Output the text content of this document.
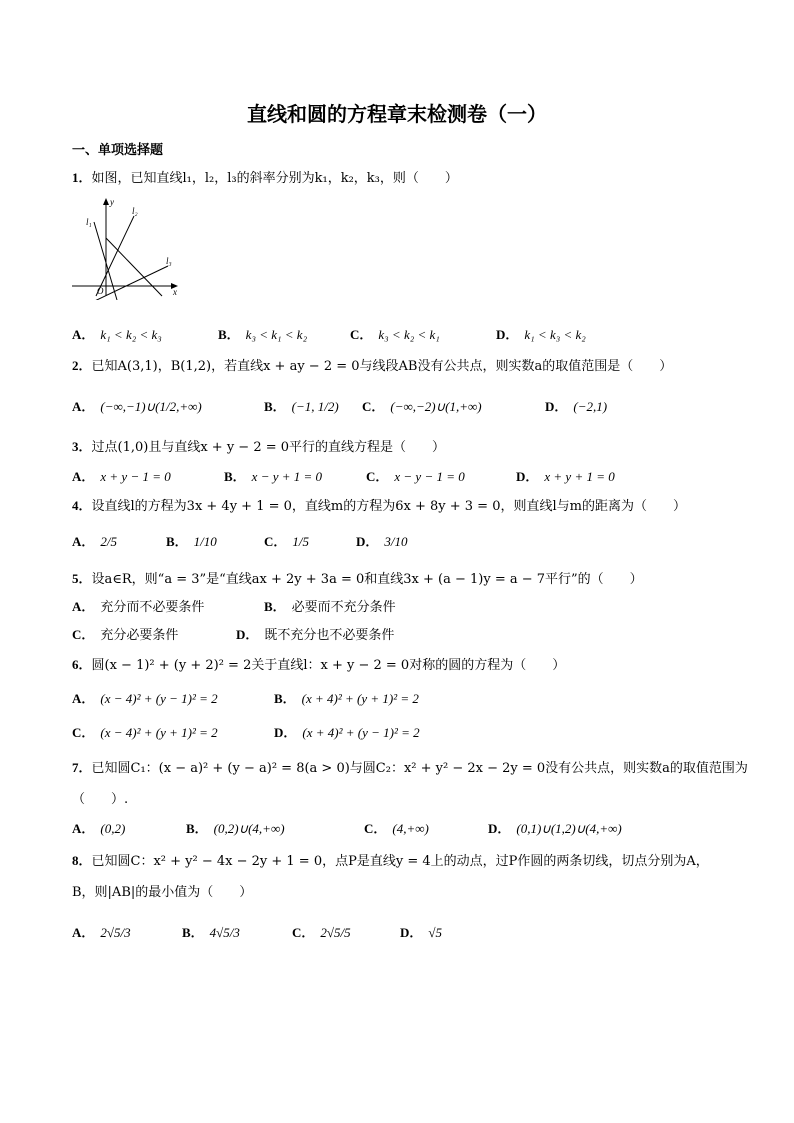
直线和圆的方程章末检测卷（一）
一、单项选择题
1．如图，已知直线l₁，l₂，l₃的斜率分别为k₁，k₂，k₃，则（　　）
y
x
O
l₁
l₂
l₃
A． k₁ < k₂ < k₃	B． k₃ < k₁ < k₂	C． k₃ < k₂ < k₁	D． k₁ < k₃ < k₂
2．已知A(3,1)，B(1,2)，若直线x + ay − 2 = 0与线段AB没有公共点，则实数a的取值范围是（　　）
A． (−∞,−1)∪(1/2,+∞)	B． (−1, 1/2) C． (−∞,−2)∪(1,+∞)	D． (−2,1)
3．过点(1,0)且与直线x + y − 2 = 0平行的直线方程是（　　）
A． x + y − 1 = 0	B． x − y + 1 = 0	C． x − y − 1 = 0	D． x + y + 1 = 0
4．设直线l的方程为3x + 4y + 1 = 0，直线m的方程为6x + 8y + 3 = 0，则直线l与m的距离为（　　）
A． 2/5	B． 1/10	C． 1/5	D． 3/10
5．设a∈R，则“a = 3”是“直线ax + 2y + 3a = 0和直线3x + (a − 1)y = a − 7平行”的（　　）
A． 充分而不必要条件	B． 必要而不充分条件
C． 充分必要条件	D． 既不充分也不必要条件
6．圆(x − 1)² + (y + 2)² = 2关于直线l：x + y − 2 = 0对称的圆的方程为（　　）
A． (x − 4)² + (y − 1)² = 2	B． (x + 4)² + (y + 1)² = 2
C． (x − 4)² + (y + 1)² = 2	D． (x + 4)² + (y − 1)² = 2
7．已知圆C₁：(x − a)² + (y − a)² = 8(a > 0)与圆C₂：x² + y² − 2x − 2y = 0没有公共点，则实数a的取值范围为
（　　）.
A． (0,2)	B． (0,2)∪(4,+∞)	C． (4,+∞)	D． (0,1)∪(1,2)∪(4,+∞)
8．已知圆C：x² + y² − 4x − 2y + 1 = 0，点P是直线y = 4上的动点，过P作圆的两条切线，切点分别为A，
B，则|AB|的最小值为（　　）
A． 2√5/3	B． 4√5/3	C． 2√5/5	D． √5
